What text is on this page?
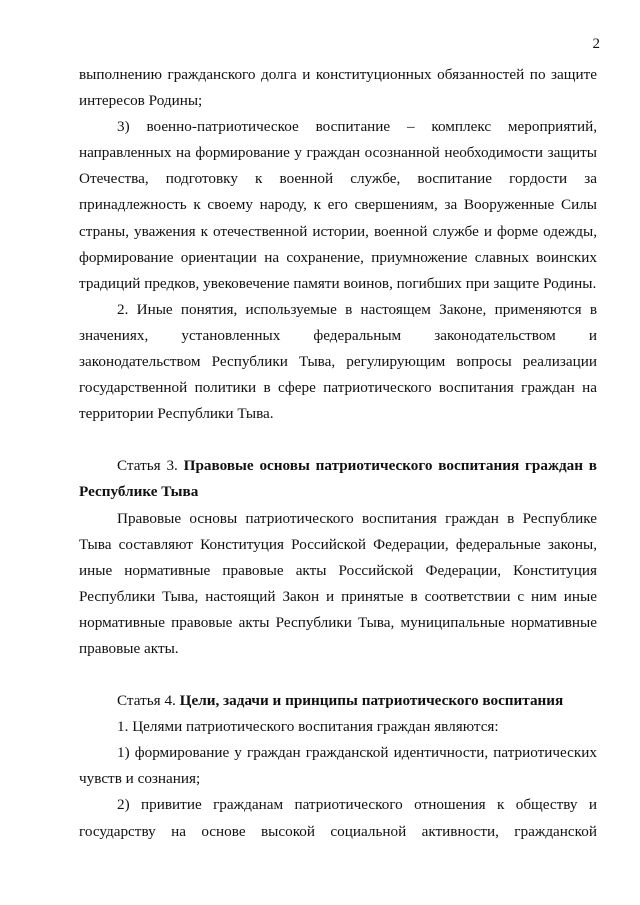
2

выполнению гражданского долга и конституционных обязанностей по защите интересов Родины;

3) военно-патриотическое воспитание – комплекс мероприятий, направленных на формирование у граждан осознанной необходимости защиты Отечества, подготовку к военной службе, воспитание гордости за принадлежность к своему народу, к его свершениям, за Вооруженные Силы страны, уважения к отечественной истории, военной службе и форме одежды, формирование ориентации на сохранение, приумножение славных воинских традиций предков, увековечение памяти воинов, погибших при защите Родины.

2. Иные понятия, используемые в настоящем Законе, применяются в значениях, установленных федеральным законодательством и законодательством Республики Тыва, регулирующим вопросы реализации государственной политики в сфере патриотического воспитания граждан на территории Республики Тыва.

Статья 3. Правовые основы патриотического воспитания граждан в Республике Тыва

Правовые основы патриотического воспитания граждан в Республике Тыва составляют Конституция Российской Федерации, федеральные законы, иные нормативные правовые акты Российской Федерации, Конституция Республики Тыва, настоящий Закон и принятые в соответствии с ним иные нормативные правовые акты Республики Тыва, муниципальные нормативные правовые акты.

Статья 4. Цели, задачи и принципы патриотического воспитания

1. Целями патриотического воспитания граждан являются:

1) формирование у граждан гражданской идентичности, патриотических чувств и сознания;

2) привитие гражданам патриотического отношения к обществу и государству на основе высокой социальной активности, гражданской
